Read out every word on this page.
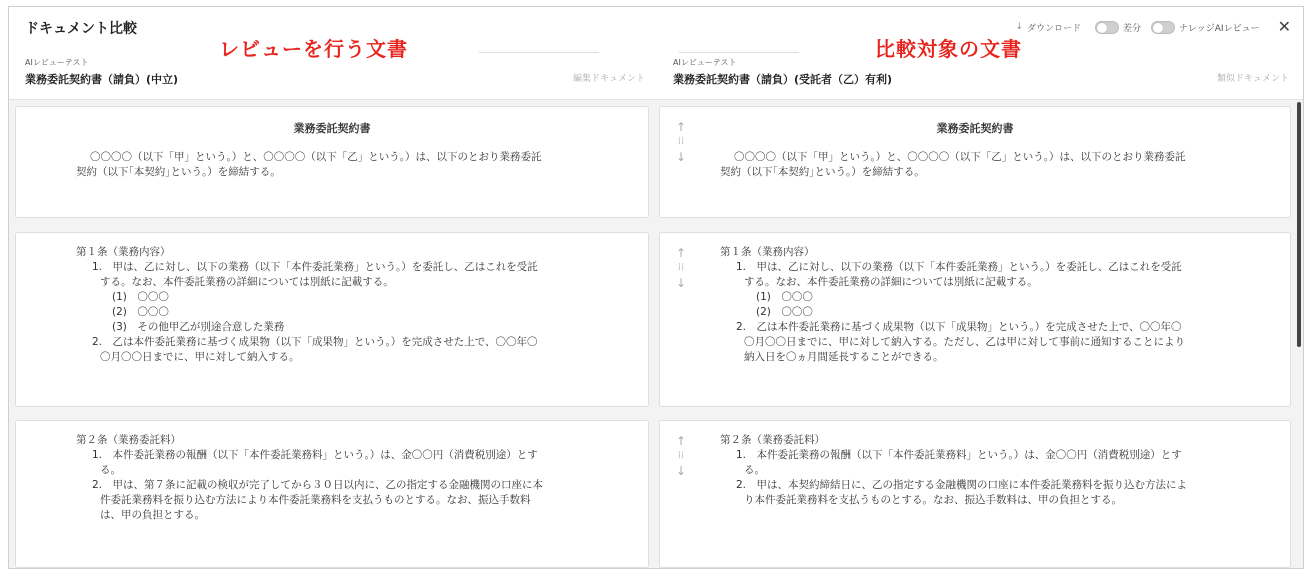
ドキュメント比較	↓ ダウンロード	差分	ナレッジAIレビュー ✕
レビューを行う文書	比較対象の文書
AIレビューテスト
業務委託契約書（請負）(中立)	編集ドキュメント
AIレビューテスト
業務委託契約書（請負）(受託者（乙）有利)	類似ドキュメント
業務委託契約書
〇〇〇〇（以下「甲」という。）と、〇〇〇〇（以下「乙」という。）は、以下のとおり業務委託
契約（以下｢本契約｣という。）を締結する。
第１条（業務内容）
1.　甲は、乙に対し、以下の業務（以下「本件委託業務」という。）を委託し、乙はこれを受託
する。なお、本件委託業務の詳細については別紙に記載する。
(1)　〇〇〇
(2)　〇〇〇
(3)　その他甲乙が別途合意した業務
2.　乙は本件委託業務に基づく成果物（以下「成果物」という。）を完成させた上で、〇〇年〇
〇月〇〇日までに、甲に対して納入する。
第２条（業務委託料）
1.　本件委託業務の報酬（以下「本件委託業務料」という。）は、金〇〇円（消費税別途）とす
る。
2.　甲は、第７条に記載の検収が完了してから３０日以内に、乙の指定する金融機関の口座に本
件委託業務料を振り込む方法により本件委託業務料を支払うものとする。なお、振込手数料
は、甲の負担とする。
↑
⁞⁞
↓
業務委託契約書
〇〇〇〇（以下「甲」という。）と、〇〇〇〇（以下「乙」という。）は、以下のとおり業務委託
契約（以下｢本契約｣という。）を締結する。
↑
⁞⁞
↓
第１条（業務内容）
1.　甲は、乙に対し、以下の業務（以下「本件委託業務」という。）を委託し、乙はこれを受託
する。なお、本件委託業務の詳細については別紙に記載する。
(1)　〇〇〇
(2)　〇〇〇
2.　乙は本件委託業務に基づく成果物（以下「成果物」という。）を完成させた上で、〇〇年〇
〇月〇〇日までに、甲に対して納入する。ただし、乙は甲に対して事前に通知することにより
納入日を〇ヵ月間延長することができる。
↑
⁞⁞
↓
第２条（業務委託料）
1.　本件委託業務の報酬（以下「本件委託業務料」という。）は、金〇〇円（消費税別途）とす
る。
2.　甲は、本契約締結日に、乙の指定する金融機関の口座に本件委託業務料を振り込む方法によ
り本件委託業務料を支払うものとする。なお、振込手数料は、甲の負担とする。
